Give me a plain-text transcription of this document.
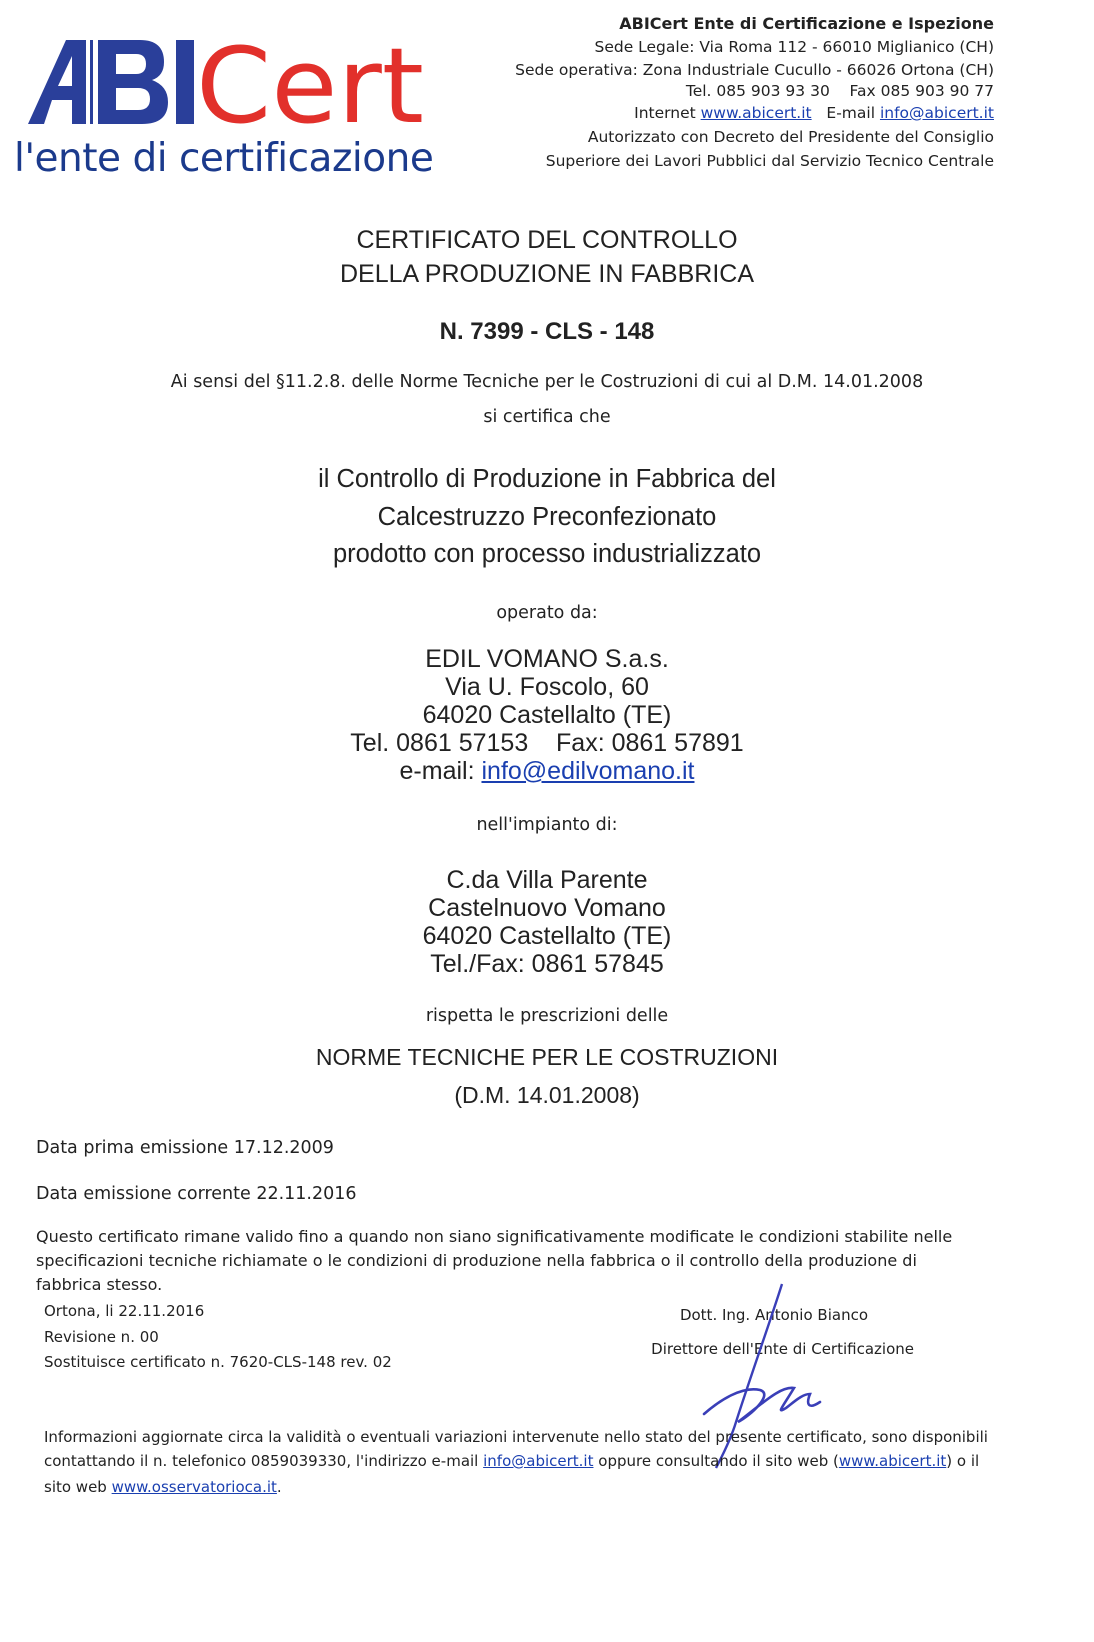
Cert
l'ente di certificazione
ABICert Ente di Certificazione e Ispezione
Sede Legale: Via Roma 112 - 66010 Miglianico (CH)
Sede operativa: Zona Industriale Cucullo - 66026 Ortona (CH)
Tel. 085 903 93 30    Fax 085 903 90 77
Internet www.abicert.it E-mail info@abicert.it
Autorizzato con Decreto del Presidente del Consiglio
Superiore dei Lavori Pubblici dal Servizio Tecnico Centrale
CERTIFICATO DEL CONTROLLO
DELLA PRODUZIONE IN FABBRICA
N. 7399 - CLS - 148
Ai sensi del §11.2.8. delle Norme Tecniche per le Costruzioni di cui al D.M. 14.01.2008
si certifica che
il Controllo di Produzione in Fabbrica del
Calcestruzzo Preconfezionato
prodotto con processo industrializzato
operato da:
EDIL VOMANO S.a.s.
Via U. Foscolo, 60
64020 Castellalto (TE)
Tel. 0861 57153 Fax: 0861 57891
e-mail: info@edilvomano.it
nell'impianto di:
C.da Villa Parente
Castelnuovo Vomano
64020 Castellalto (TE)
Tel./Fax: 0861 57845
rispetta le prescrizioni delle
NORME TECNICHE PER LE COSTRUZIONI
(D.M. 14.01.2008)
Data prima emissione 17.12.2009
Data emissione corrente 22.11.2016
Questo certificato rimane valido fino a quando non siano significativamente modificate le condizioni stabilite nelle
specificazioni tecniche richiamate o le condizioni di produzione nella fabbrica o il controllo della produzione di
fabbrica stesso.
Ortona, li 22.11.2016
Revisione n. 00
Sostituisce certificato n. 7620-CLS-148 rev. 02
Dott. Ing. Antonio Bianco
Direttore dell'Ente di Certificazione
Informazioni aggiornate circa la validità o eventuali variazioni intervenute nello stato del presente certificato, sono disponibili
contattando il n. telefonico 0859039330, l'indirizzo e-mail info@abicert.it oppure consultando il sito web (www.abicert.it) o il
sito web www.osservatorioca.it.
